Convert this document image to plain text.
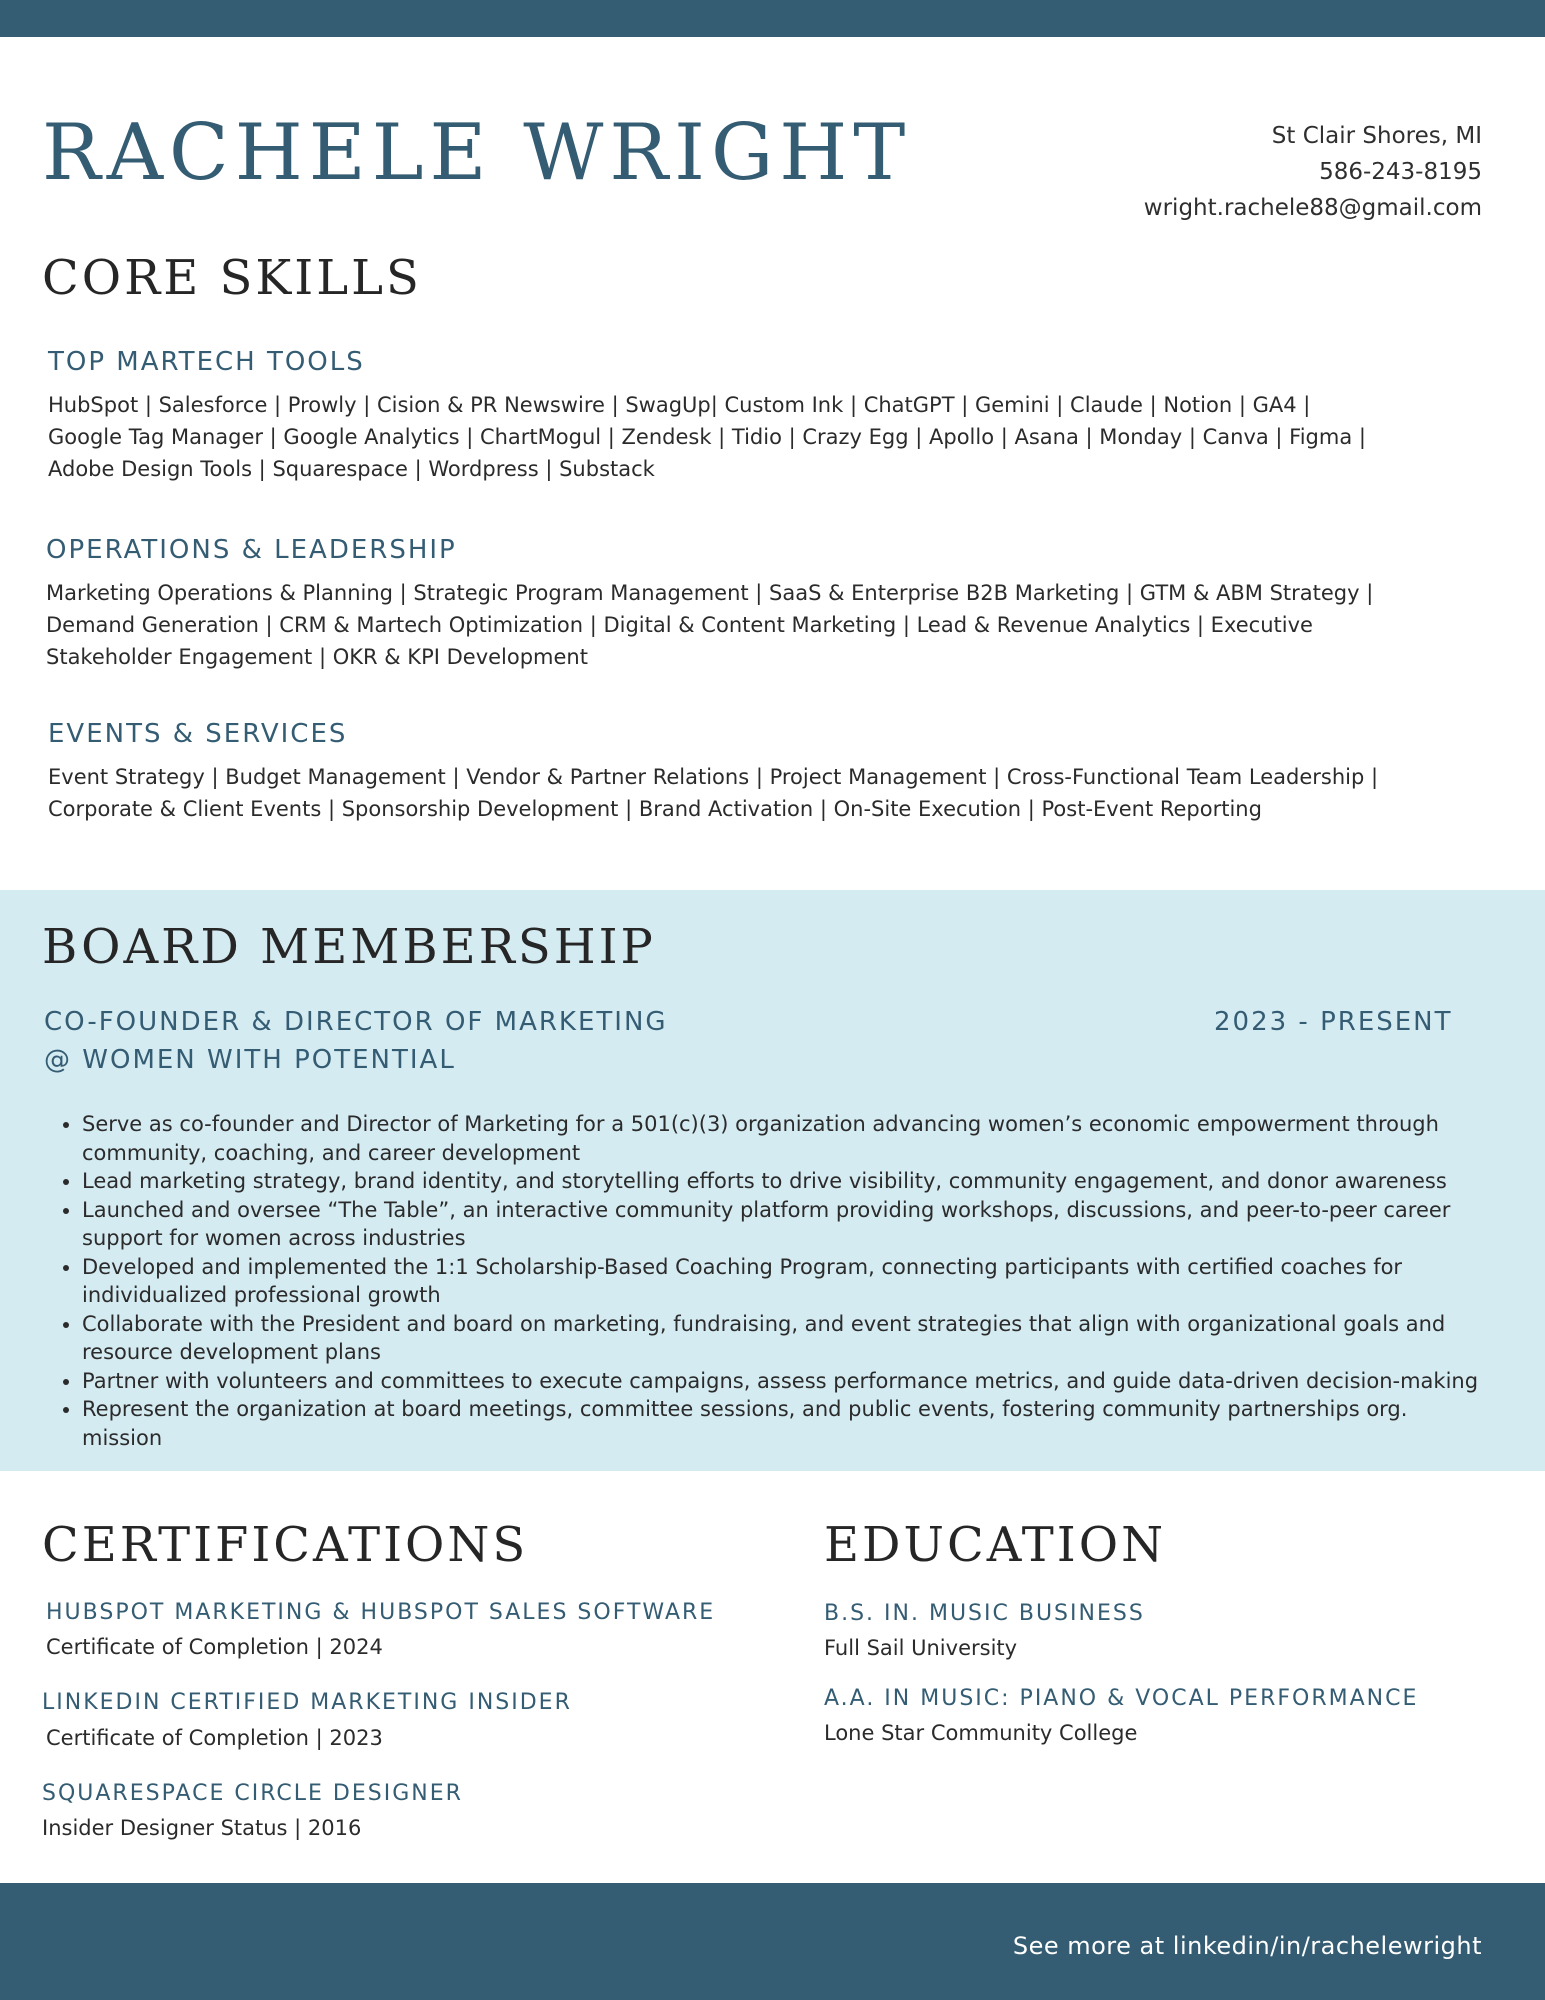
RACHELE WRIGHT	St Clair Shores, MI
586-243-8195
wright.rachele88@gmail.com
CORE SKILLS
TOP MARTECH TOOLS
HubSpot | Salesforce | Prowly | Cision & PR Newswire | SwagUp| Custom Ink | ChatGPT | Gemini | Claude | Notion | GA4 | Google Tag Manager | Google Analytics | ChartMogul | Zendesk | Tidio | Crazy Egg | Apollo | Asana | Monday | Canva | Figma | Adobe Design Tools | Squarespace | Wordpress | Substack
OPERATIONS & LEADERSHIP
Marketing Operations & Planning | Strategic Program Management | SaaS & Enterprise B2B Marketing | GTM & ABM Strategy | Demand Generation | CRM & Martech Optimization | Digital & Content Marketing | Lead & Revenue Analytics | Executive Stakeholder Engagement | OKR & KPI Development
EVENTS & SERVICES
Event Strategy | Budget Management | Vendor & Partner Relations | Project Management | Cross-Functional Team Leadership | Corporate & Client Events | Sponsorship Development | Brand Activation | On-Site Execution | Post-Event Reporting
BOARD MEMBERSHIP
CO-FOUNDER & DIRECTOR OF MARKETING
@ WOMEN WITH POTENTIAL
2023 - PRESENT
• Serve as co-founder and Director of Marketing for a 501(c)(3) organization advancing women’s economic empowerment through community, coaching, and career development
• Lead marketing strategy, brand identity, and storytelling efforts to drive visibility, community engagement, and donor awareness
• Launched and oversee “The Table”, an interactive community platform providing workshops, discussions, and peer-to-peer career support for women across industries
• Developed and implemented the 1:1 Scholarship-Based Coaching Program, connecting participants with certified coaches for individualized professional growth
• Collaborate with the President and board on marketing, fundraising, and event strategies that align with organizational goals and resource development plans
• Partner with volunteers and committees to execute campaigns, assess performance metrics, and guide data-driven decision-making
• Represent the organization at board meetings, committee sessions, and public events, fostering community partnerships org. mission
CERTIFICATIONS
HUBSPOT MARKETING & HUBSPOT SALES SOFTWARE
Certificate of Completion | 2024
LINKEDIN CERTIFIED MARKETING INSIDER
Certificate of Completion | 2023
SQUARESPACE CIRCLE DESIGNER
Insider Designer Status | 2016
EDUCATION
B.S. IN. MUSIC BUSINESS
Full Sail University
A.A. IN MUSIC: PIANO & VOCAL PERFORMANCE
Lone Star Community College
See more at linkedin/in/rachelewright
